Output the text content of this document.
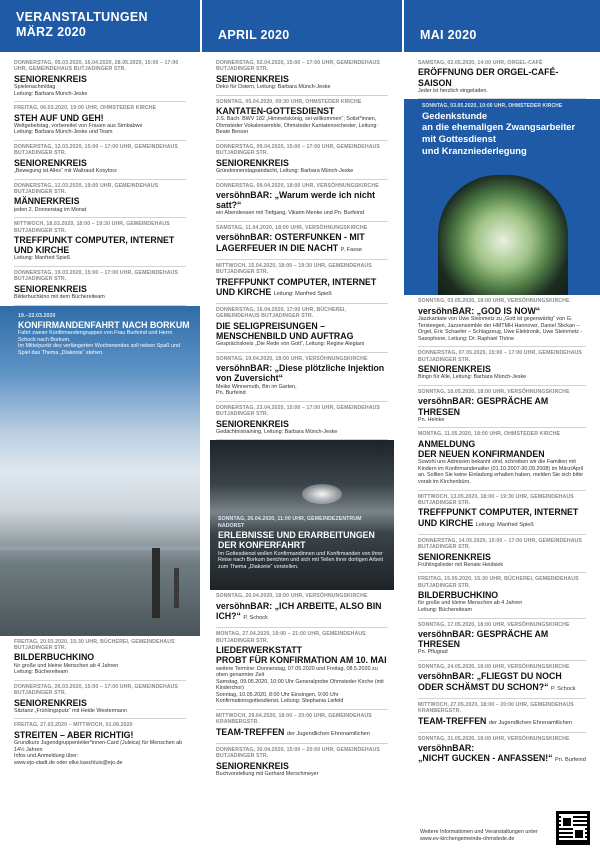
VERANSTALTUNGEN
MÄRZ 2020
DONNERSTAG, 05.03.2020, 16.04.2020, 28.05.2020, 15:00 – 17:00 UHR, GEMEINDEHAUS BUTJADINGER STR.
SENIORENKREIS
Spielenachmittag
Leitung: Barbara Münch-Jeske
FREITAG, 06.03.2020, 19:00 UHR, OHMSTEDER KIRCHE
STEH AUF UND GEH!
Weltgebetstag, vorbereitet von Frauen aus Simbabwe
Leitung: Barbara Münch-Jeske und Team
DONNERSTAG, 12.03.2020, 15:00 – 17:00 UHR, GEMEINDEHAUS BUTJADINGER STR.
SENIORENKREIS
„Bewegung ist Alles“ mit Waltraud Kosytorz
DONNERSTAG, 12.03.2020, 19:00 UHR, GEMEINDEHAUS BUTJADINGER STR.
MÄNNERKREIS
jeden 2. Donnerstag im Monat
MITTWOCH, 18.03.2020, 18:00 – 19:30 UHR, GEMEINDEHAUS BUTJADINGER STR.
TREFFPUNKT COMPUTER, INTERNET UND KIRCHE
Leitung: Manfred Spieß
DONNERSTAG, 19.03.2020, 15:00 – 17:00 UHR, GEMEINDEHAUS BUTJADINGER STR.
SENIORENKREIS
Bilderbuchkino mit dem Büchereiteam
19.–22.03.2020
KONFIRMANDENFAHRT NACH BORKUM
Fahrt zweier Konfirmandengruppen von Frau Burfeind und Herrn Schock nach Borkum.
Im Mittelpunkt des verlängerten Wochenendes soll neben Spaß und Spiel das Thema „Diakonie“ stehen.
FREITAG, 20.03.2020, 15:30 UHR, BÜCHEREI, GEMEINDEHAUS BUTJADINGER STR.
BILDERBUCHKINO
für große und kleine Menschen ab 4 Jahren
Leitung: Büchereiteam
DONNERSTAG, 26.03.2020, 15:00 – 17:00 UHR, GEMEINDEHAUS BUTJADINGER STR.
SENIORENKREIS
Sitztanz „Frühlingsputz“ mit Heide Westermann
FREITAG, 27.03.2020 – MITTWOCH, 01.06.2020
STREITEN – ABER RICHTIG!
Grundkurs Jugendgruppenleiter*innen-Card (Juleica) für Menschen ab 14½ Jahren
Infos und Anmeldung über:
www.ejo-stadt.de oder elke.kaschluis@ejo.de
APRIL 2020
DONNERSTAG, 02.04.2020, 15:00 – 17:00 UHR, GEMEINDEHAUS BUTJADINGER STR.
SENIORENKREIS
Deko für Ostern, Leitung: Barbara Münch-Jeske
SONNTAG, 05.04.2020, 09:30 UHR, OHMSTEDER KIRCHE
KANTATEN-GOTTESDIENST
J.S. Bach: BWV 182 „Himmelskönig, sei willkommen“; Solist*innen, Ohmsteder Vokalensemble, Ohmsteder Kantatenorchester, Leitung: Beate Besser
DONNERSTAG, 09.04.2020, 15:00 – 17:00 UHR, GEMEINDEHAUS BUTJADINGER STR.
SENIORENKREIS
Gründonnerstagsandacht, Leitung: Barbara Münch-Jeske
DONNERSTAG, 09.04.2020, 18:00 UHR, VERSÖHNUNGSKIRCHE
versöhnBAR: „Warum werde ich nicht satt?“
ein Abendessen mit Tiefgang, Vikarin Menke und Pn. Burfeind
SAMSTAG, 11.04.2020, 18:00 UHR, VERSÖHNUNGSKIRCHE
versöhnBAR: OSTERFUNKEN - MIT LAGERFEUER IN DIE NACHT P. Fasse
MITTWOCH, 15.04.2020, 18:00 – 19:30 UHR, GEMEINDEHAUS BUTJADINGER STR.
TREFFPUNKT COMPUTER, INTERNET UND KIRCHE Leitung: Manfred Spieß
DONNERSTAG, 16.04.2020, 17:00 UHR, BÜCHEREI, GEMEINDEHAUS BUTJADINGER STR.
DIE SELIGPREISUNGEN – MENSCHENBILD UND AUFTRAG
Gesprächskreis „Die Rede von Gott“, Leitung: Regine Alegiani
SONNTAG, 19.04.2020, 18:00 UHR, VERSÖHNUNGSKIRCHE
versöhnBAR: „Diese plötzliche Injektion von Zuversicht“
Meike Winnemuth, Bin im Garten,
Pn. Burfeind
DONNERSTAG, 23.04.2020, 15:00 – 17:00 UHR, GEMEINDEHAUS BUTJADINGER STR.
SENIORENKREIS
Gedächtnistraining, Leitung: Barbara Münch-Jeske
SONNTAG, 26.04.2020, 11:00 UHR, GEMEINDEZENTRUM NADORST
ERLEBNISSE UND ERARBEITUNGEN DER KONFERFAHRT
Im Gottesdienst wollen Konfirmandinnen und Konfirmanden von ihrer Reise nach Borkum berichten und sich mit Teilen ihrer dortigen Arbeit zum Thema „Diakonie“ vorstellen.
SONNTAG, 26.04.2020, 18:00 UHR, VERSÖHNUNGSKIRCHE
versöhnBAR: „ICH ARBEITE, ALSO BIN ICH?“ P. Schock
MONTAG, 27.04.2020, 19:00 – 21:00 UHR, GEMEINDEHAUS BUTJADINGER STR.
LIEDERWERKSTATT
PROBT FÜR KONFIRMATION AM 10. MAI
weitere Termine: Donnerstag, 07.05.2020 und Freitag, 08.5.2020 zu oben genannter Zeit
Samstag, 09.05.2020, 10:00 Uhr Generalprobe Ohmsteder Kirche (mit Kinderchor)
Sonntag, 10.05.2020, 8:00 Uhr Einsingen, 9:00 Uhr Konfirmationsgottesdienst, Leitung: Stephania Liefeld
MITTWOCH, 29.04.2020, 18:00 – 20:00 UHR, GEMEINDEHAUS KRANBERGSTR.
TEAM-TREFFEN der Jugendlichen Ehrenamtlichen
DONNERSTAG, 30.04.2020, 15:00 – 20:00 UHR, GEMEINDEHAUS BUTJADINGER STR.
SENIORENKREIS
Buchvorstellung mit Gerhard Merschmeyer
MAI 2020
SAMSTAG, 02.05.2020, 14:00 UHR, ORGEL-CAFÉ
ERÖFFNUNG DER ORGEL-CAFÉ-SAISON
Jeder ist herzlich eingeladen.
SONNTAG, 03.05.2020, 10:00 UHR, OHMSTEDER KIRCHE
Gedenkstunde
an die ehemaligen Zwangsarbeiter
mit Gottesdienst
und Kranzniederlegung
SONNTAG, 03.05.2020, 18:00 UHR, VERSÖHNUNGSKIRCHE
versöhnBAR: „GOD IS NOW“
Jazzkantate von Uwe Steinmetz zu „Gott ist gegenwärtig“ von G. Tersteegen, Jazzensemble der HMTMH Hannover, Daniel Stickan – Orgel, Eric Schaefer – Schlagzeug, Uwe Elektronik, Uwe Steinmetz - Saxophone, Leitung: Dr. Raphael Thöne
DONNERSTAG, 07.05.2020, 15:00 – 17:00 UHR, GEMEINDEHAUS BUTJADINGER STR.
SENIORENKREIS
Bingo für Alle, Leitung: Barbara Münch-Jeske
SONNTAG, 10.05.2020, 18:00 UHR, VERSÖHNUNGSKIRCHE
versöhnBAR: GESPRÄCHE AM THRESEN
Pn. Heinke
MONTAG, 11.05.2020, 18:00 UHR, OHMSTEDER KIRCHE
ANMELDUNG
DER NEUEN KONFIRMANDEN
Sowohl uns Adressen bekannt sind, schreiben wir die Familien mit Kindern im Konfirmandenalter (01.10.2007-30.09.2008) im März/April an. Sollten Sie keine Einladung erhalten haben, melden Sie sich bitte vorab im Kirchenbüro.
MITTWOCH, 13.05.2020, 18:00 – 19:30 UHR, GEMEINDEHAUS BUTJADINGER STR.
TREFFPUNKT COMPUTER, INTERNET UND KIRCHE Leitung: Manfred Spieß
DONNERSTAG, 14.05.2020, 15:00 – 17:00 UHR, GEMEINDEHAUS BUTJADINGER STR.
SENIORENKREIS
Frühlingslieder mit Renate Heidsiek
FREITAG, 15.05.2020, 15:30 UHR, BÜCHEREI, GEMEINDEHAUS BUTJADINGER STR.
BILDERBUCHKINO
für große und kleine Menschen ab 4 Jahren
Leitung: Büchereiteam
SONNTAG, 17.05.2020, 18:00 UHR, VERSÖHNUNGSKIRCHE
versöhnBAR: GESPRÄCHE AM THRESEN
Pn. Pflugrad
SONNTAG, 24.05.2020, 18:00 UHR, VERSÖHNUNGSKIRCHE
versöhnBAR: „FLIEGST DU NOCH ODER SCHÄMST DU SCHON?“ P. Schock
MITTWOCH, 27.05.2020, 18:00 – 20:00 UHR, GEMEINDEHAUS KRANBERGSTR.
TEAM-TREFFEN der Jugendlichen Ehrenamtlichen
SONNTAG, 31.05.2020, 18:00 UHR, VERSÖHNUNGSKIRCHE
versöhnBAR:
„NICHT GUCKEN - ANFASSEN!“ Pn. Burfeind
Weitere Informationen und Veranstaltungen unter www.ev-kirchengemeinde-ohmstede.de
